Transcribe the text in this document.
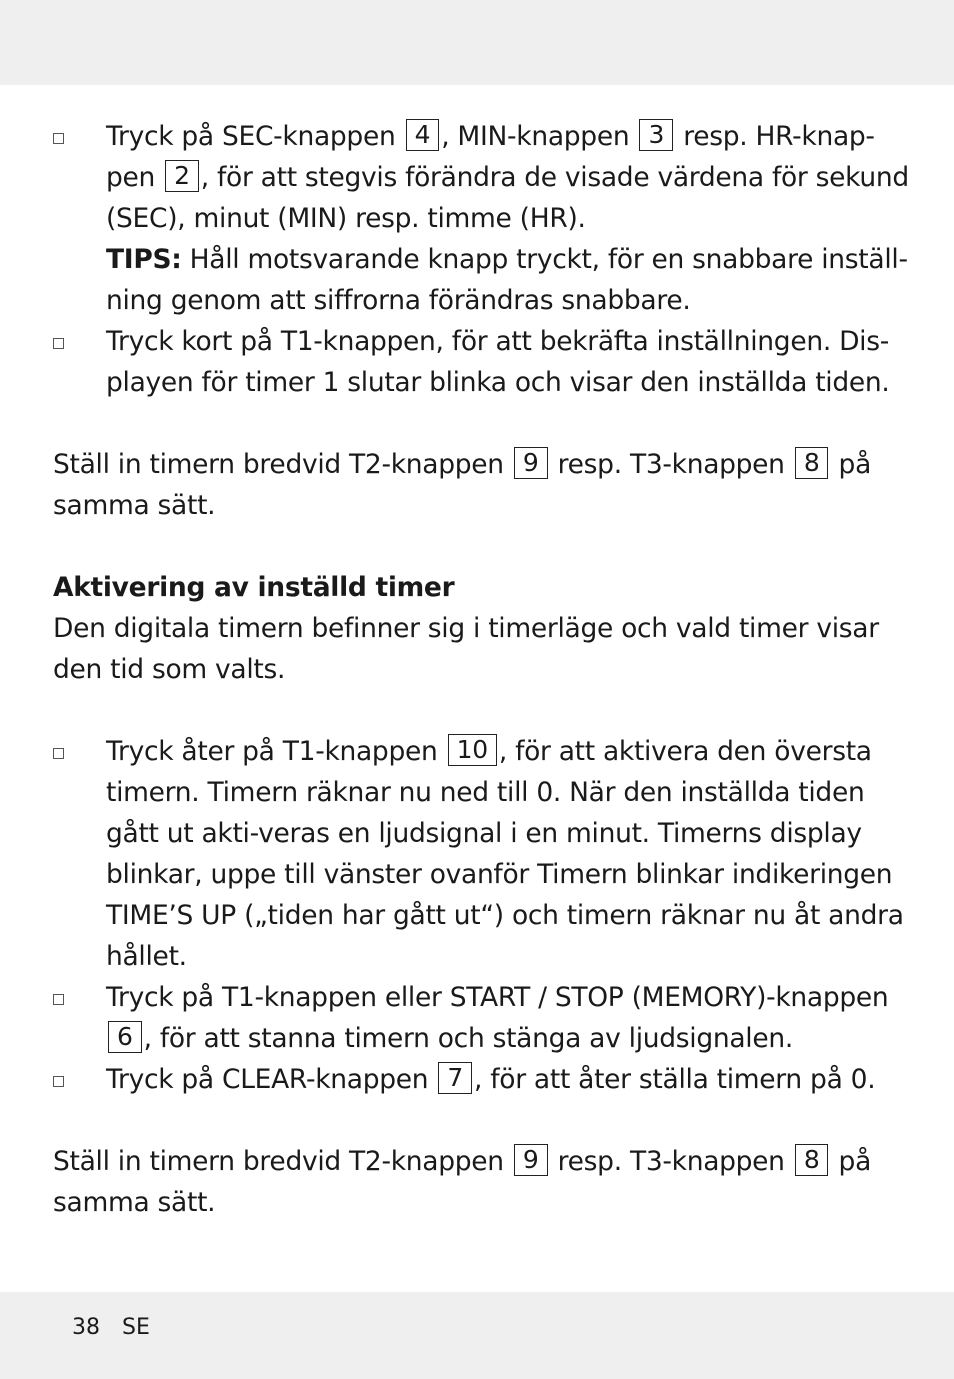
Tryck på SEC-knappen 4 , MIN-knappen 3 resp. HR-knap-pen 2 , för att stegvis förändra de visade värdena för sekund (SEC), minut (MIN) resp. timme (HR).

TIPS: Håll motsvarande knapp tryckt, för en snabbare inställ-ning genom att siffrorna förändras snabbare.

Tryck kort på T1-knappen, för att bekräfta inställningen. Dis-playen för timer 1 slutar blinka och visar den inställda tiden.

Ställ in timern bredvid T2-knappen 9 resp. T3-knappen 8 på samma sätt.

Aktivering av inställd timer

Den digitala timern befinner sig i timerläge och vald timer visar den tid som valts.

Tryck åter på T1-knappen 10 , för att aktivera den översta timern. Timern räknar nu ned till 0. När den inställda tiden gått ut akti-veras en ljudsignal i en minut. Timerns display blinkar, uppe till vänster ovanför Timern blinkar indikeringen TIME’S UP („tiden har gått ut“) och timern räknar nu åt andra hållet.

Tryck på T1-knappen eller START / STOP (MEMORY)-knappen 6 , för att stanna timern och stänga av ljudsignalen.

Tryck på CLEAR-knappen 7 , för att åter ställa timern på 0.

Ställ in timern bredvid T2-knappen 9 resp. T3-knappen 8 på samma sätt.

38 SE
